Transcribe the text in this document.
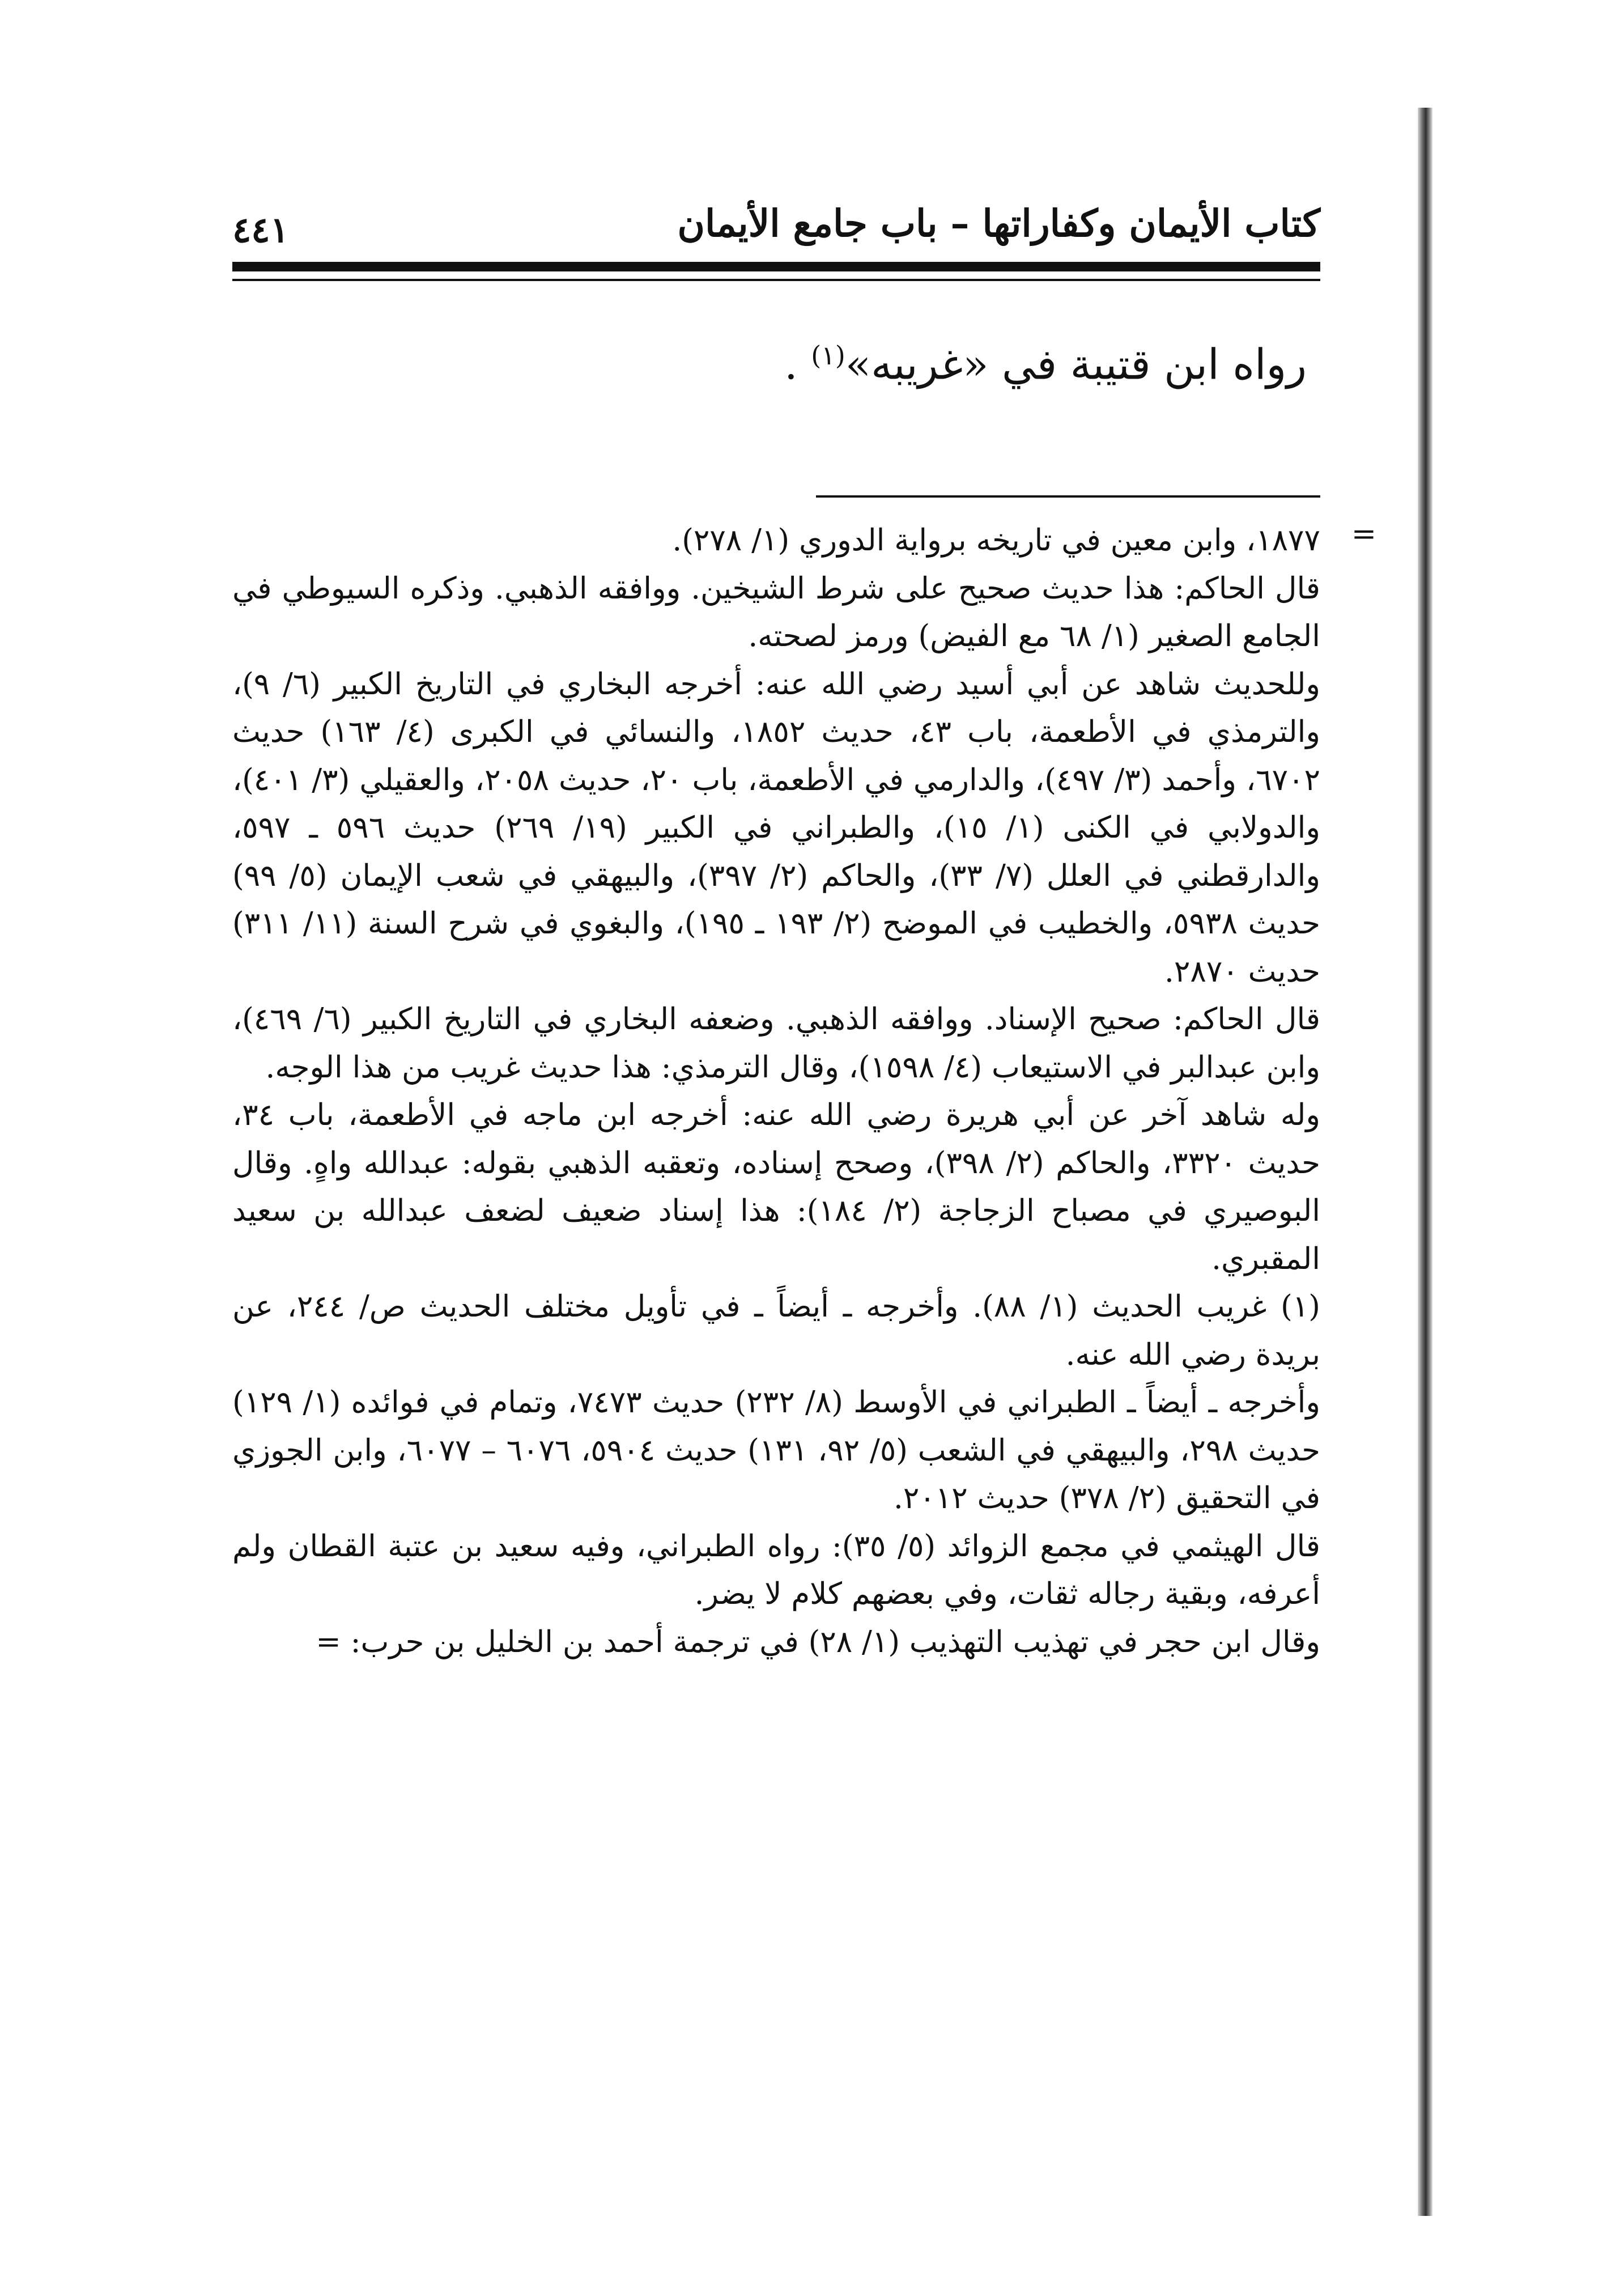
كتاب الأيمان وكفاراتها – باب جامع الأيمان
٤٤١
رواه ابن قتيبة في «غريبه»$^{(١)}$ .
=
١٨٧٧، وابن معين في تاريخه برواية الدوري (١/ ٢٧٨).
قال الحاكم: هذا حديث صحيح على شرط الشيخين. ووافقه الذهبي. وذكره السيوطي في الجامع الصغير (١/ ٦٨ مع الفيض) ورمز لصحته.
وللحديث شاهد عن أبي أسيد رضي الله عنه: أخرجه البخاري في التاريخ الكبير (٦/ ٩)، والترمذي في الأطعمة، باب ٤٣، حديث ١٨٥٢، والنسائي في الكبرى (٤/ ١٦٣) حديث ٦٧٠٢، وأحمد (٣/ ٤٩٧)، والدارمي في الأطعمة، باب ٢٠، حديث ٢٠٥٨، والعقيلي (٣/ ٤٠١)، والدولابي في الكنى (١/ ١٥)، والطبراني في الكبير (١٩/ ٢٦٩) حديث ٥٩٦ ـ ٥٩٧، والدارقطني في العلل (٧/ ٣٣)، والحاكم (٢/ ٣٩٧)، والبيهقي في شعب الإيمان (٥/ ٩٩) حديث ٥٩٣٨، والخطيب في الموضح (٢/ ١٩٣ ـ ١٩٥)، والبغوي في شرح السنة (١١/ ٣١١) حديث ٢٨٧٠.
قال الحاكم: صحيح الإسناد. ووافقه الذهبي. وضعفه البخاري في التاريخ الكبير (٦/ ٤٦٩)، وابن عبدالبر في الاستيعاب (٤/ ١٥٩٨)، وقال الترمذي: هذا حديث غريب من هذا الوجه.
وله شاهد آخر عن أبي هريرة رضي الله عنه: أخرجه ابن ماجه في الأطعمة، باب ٣٤، حديث ٣٣٢٠، والحاكم (٢/ ٣٩٨)، وصحح إسناده، وتعقبه الذهبي بقوله: عبدالله واهٍ. وقال البوصيري في مصباح الزجاجة (٢/ ١٨٤): هذا إسناد ضعيف لضعف عبدالله بن سعيد المقبري.
(١) غريب الحديث (١/ ٨٨). وأخرجه ـ أيضاً ـ في تأويل مختلف الحديث ص/ ٢٤٤، عن بريدة رضي الله عنه.
وأخرجه ـ أيضاً ـ الطبراني في الأوسط (٨/ ٢٣٢) حديث ٧٤٧٣، وتمام في فوائده (١/ ١٢٩) حديث ٢٩٨، والبيهقي في الشعب (٥/ ٩٢، ١٣١) حديث ٥٩٠٤، ٦٠٧٦ – ٦٠٧٧، وابن الجوزي في التحقيق (٢/ ٣٧٨) حديث ٢٠١٢.
قال الهيثمي في مجمع الزوائد (٥/ ٣٥): رواه الطبراني، وفيه سعيد بن عتبة القطان ولم أعرفه، وبقية رجاله ثقات، وفي بعضهم كلام لا يضر.
وقال ابن حجر في تهذيب التهذيب (١/ ٢٨) في ترجمة أحمد بن الخليل بن حرب: =
